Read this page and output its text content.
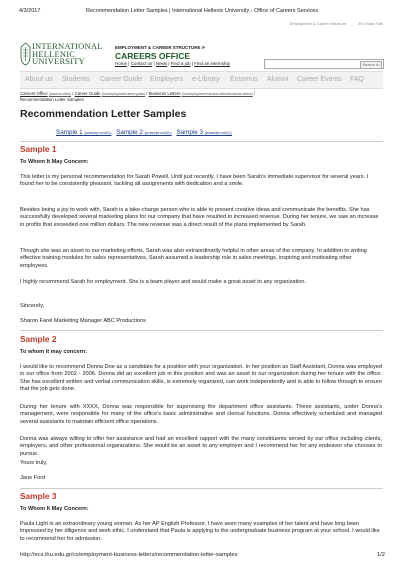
4/3/2017	Recommendation Letter Samples | International Hellenic University - Office of Careers Services
Employment & Career Structure	IHU Main Site
INTERNATIONAL
HELLENIC
UNIVERSITY
EMPLOYMENT & CAREER STRUCTURE ⟳
CAREERS OFFICE
Home | Contact us | News | Find a job | Find an internship	Search th
About us Students Career Guide Employers e-Library Erasmus Alumni Career Events FAQ
Careers Office (/careers-office) / Career Guide (/co/employment/career-guide) / Business Letters (/co/employment/business-letters/business-letters) /
Recommendation Letter Samples
Recommendation Letter Samples
Sample 1 (javascript:void(0);) Sample 2 (javascript:void(0);) Sample 3 (javascript:void(0);)
Sample 1

To Whom It May Concern:

This letter is my personal recommendation for Sarah Powell. Until just recently, I have been Sarah's immediate supervisor for several years. I found her to be consistently pleasant, tackling all assignments with dedication and a smile.

Besides being a joy to work with, Sarah is a take-charge person who is able to present creative ideas and communicate the benefits. She has successfully developed several marketing plans for our company that have resulted in increased revenue. During her tenure, we saw an increase in profits that exceeded one million dollars. The new revenue was a direct result of the plans implemented by Sarah.

Though she was an asset to our marketing efforts, Sarah was also extraordinarily helpful in other areas of the company. In addition to writing effective training modules for sales representatives, Sarah assumed a leadership role in sales meetings, inspiring and motivating other employees.

I highly recommend Sarah for employment. She is a team player and would make a great asset to any organization.

Sincerely,

Sharon Farel Marketing Manager ABC Productions

Sample 2

To whom it may concern:

I would like to recommend Donna Doe as a candidate for a position with your organization. In her position as Staff Assistant, Donna was employed in our office from 2002 - 2006. Donna did an excellent job in this position and was an asset to our organization during her tenure with the office. She has excellent written and verbal communication skills, is extremely organized, can work independently and is able to follow through to ensure that the job gets done.

During her tenure with XXXX, Donna was responsible for supervising the department office assistants. These assistants, under Donna's management, were responsible for many of the office's basic administrative and clerical functions. Donna effectively scheduled and managed several assistants to maintain efficient office operations.

Donna was always willing to offer her assistance and had an excellent rapport with the many constituents served by our office including clients, employers, and other professional organizations. She would be an asset to any employer and I recommend her for any endeavor she chooses to pursue.

Yours truly,

Jane Ford

Sample 3

To Whom It May Concern:

Paula Light is an extraordinary young woman. As her AP English Professor, I have seen many examples of her talent and have long been impressed by her diligence and work ethic. I understand that Paula is applying to the undergraduate business program at your school. I would like to recommend her for admission.

http://ecs.ihu.edu.gr/co/employment-business-letters/recommendation-letter-samples	1/2
